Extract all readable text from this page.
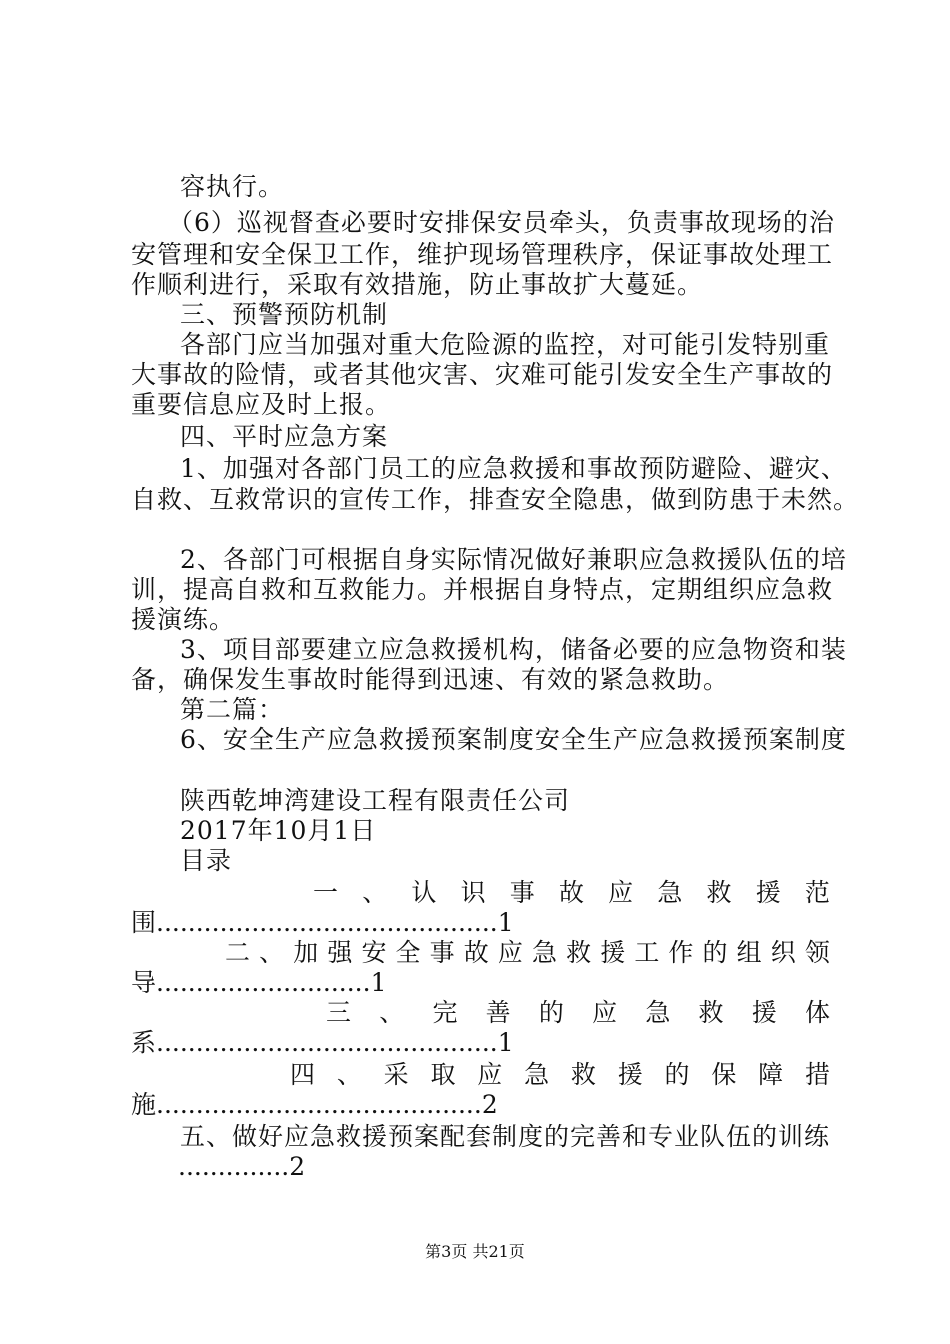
容执行。
（6）巡视督查必要时安排保安员牵头，负责事故现场的治
安管理和安全保卫工作，维护现场管理秩序，保证事故处理工
作顺利进行，采取有效措施，防止事故扩大蔓延。
三、预警预防机制
各部门应当加强对重大危险源的监控，对可能引发特别重
大事故的险情，或者其他灾害、灾难可能引发安全生产事故的
重要信息应及时上报。
四、平时应急方案
1、加强对各部门员工的应急救援和事故预防避险、避灾、
自救、互救常识的宣传工作，排查安全隐患，做到防患于未然。
2、各部门可根据自身实际情况做好兼职应急救援队伍的培
训，提高自救和互救能力。并根据自身特点，定期组织应急救
援演练。
3、项目部要建立应急救援机构，储备必要的应急物资和装
备，确保发生事故时能得到迅速、有效的紧急救助。
第二篇：
6、安全生产应急救援预案制度安全生产应急救援预案制度
陕西乾坤湾建设工程有限责任公司
2017年10月1日
目录
一 、 认 识 事 故 应 急 救 援 范
围...........................................1
二 、 加 强 安 全 事 故 应 急 救 援 工 作 的 组 织 领
导...........................1
三 、 完 善 的 应 急 救 援 体
系...........................................1
四 、 采 取 应 急 救 援 的 保 障 措
施.........................................2
五、做好应急救援预案配套制度的完善和专业队伍的训练
..............2
第3页 共21页
